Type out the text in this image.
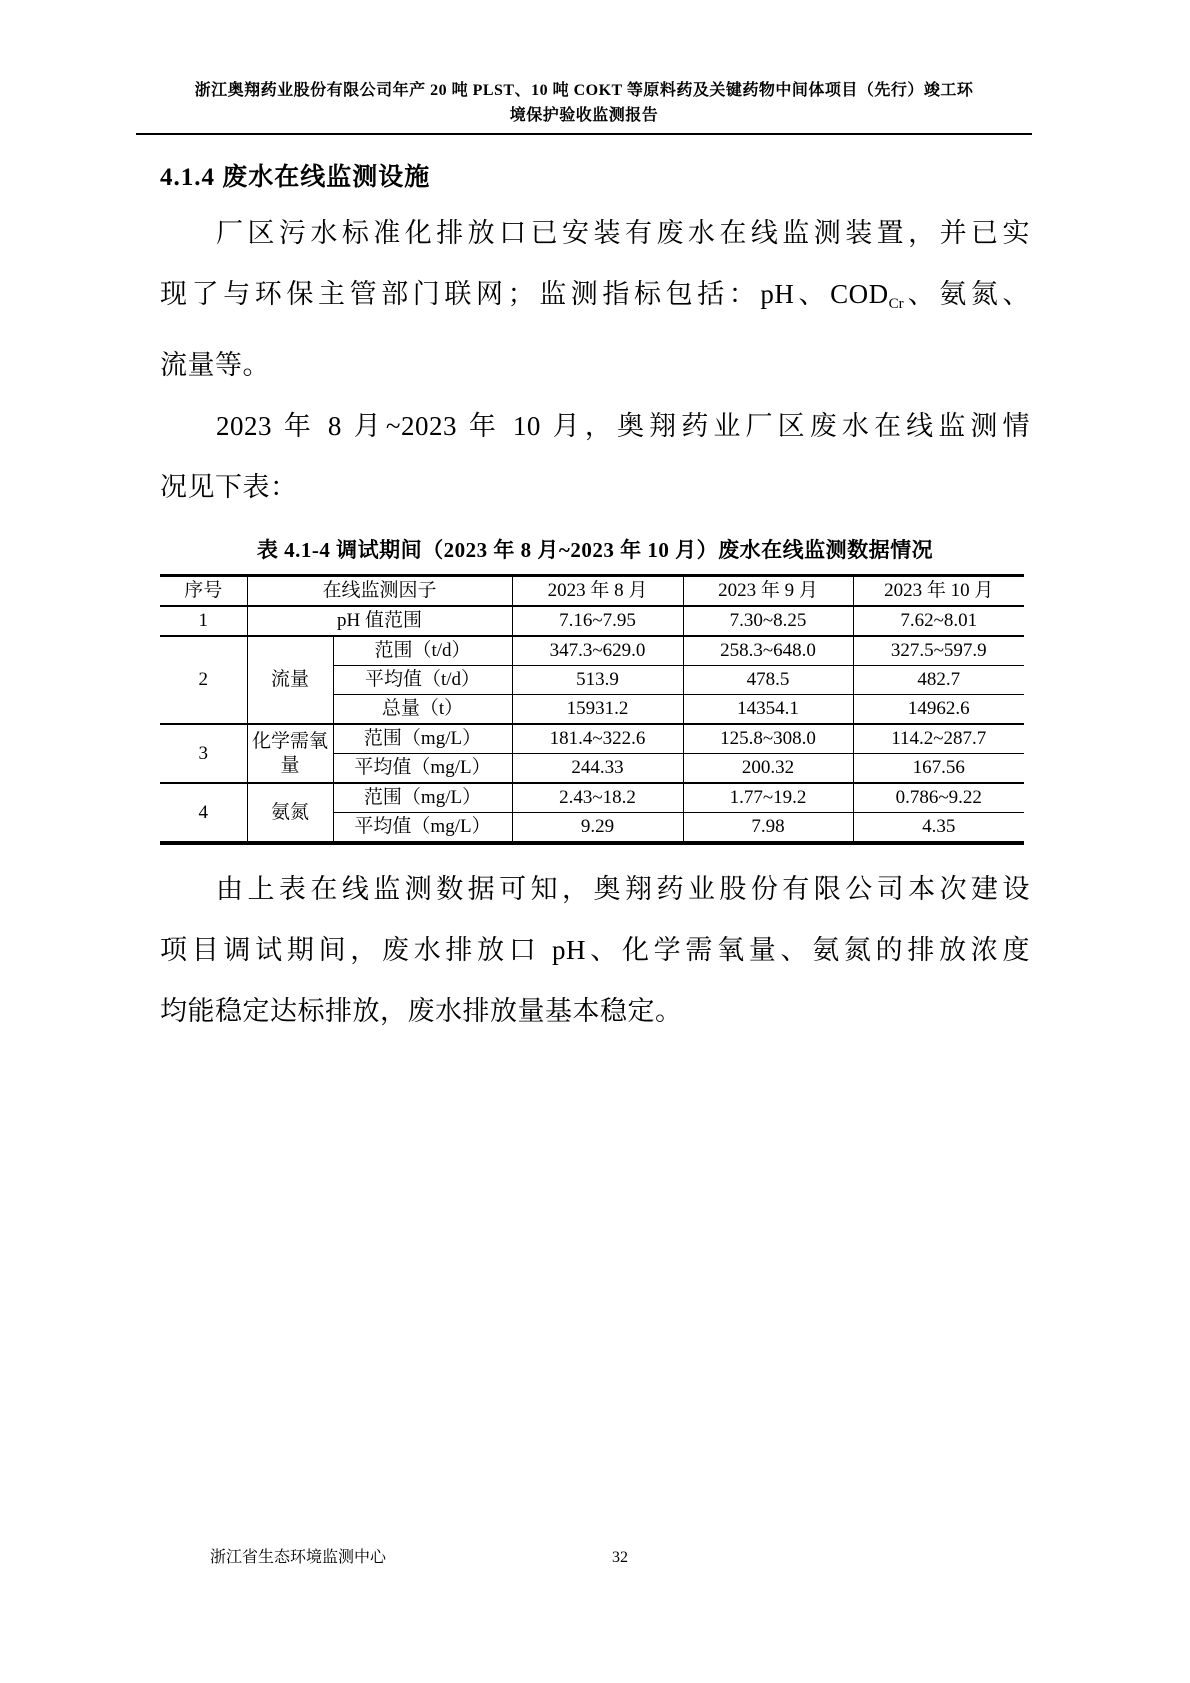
浙江奥翔药业股份有限公司年产 20 吨 PLST、10 吨 COKT 等原料药及关键药物中间体项目（先行）竣工环
境保护验收监测报告
4.1.4 废水在线监测设施
厂区污水标准化排放口已安装有废水在线监测装置，并已实
现了与环保主管部门联网；监测指标包括：pH、$COD_{Cr}$、氨氮、
流量等。
2023 年 8 月~2023 年 10 月，奥翔药业厂区废水在线监测情
况见下表：
表 4.1-4 调试期间（2023 年 8 月~2023 年 10 月）废水在线监测数据情况
序号	在线监测因子		2023 年 8 月	2023 年 9 月	2023 年 10 月
1	pH 值范围		7.16~7.95	7.30~8.25	7.62~8.01
2	流量	范围（t/d）	347.3~629.0	258.3~648.0	327.5~597.9
		平均值（t/d）	513.9	478.5	482.7
		总量（t）	15931.2	14354.1	14962.6
3	化学需氧量	范围（mg/L）	181.4~322.6	125.8~308.0	114.2~287.7
		平均值（mg/L）	244.33	200.32	167.56
4	氨氮	范围（mg/L）	2.43~18.2	1.77~19.2	0.786~9.22
		平均值（mg/L）	9.29	7.98	4.35
由上表在线监测数据可知，奥翔药业股份有限公司本次建设
项目调试期间，废水排放口 pH、化学需氧量、氨氮的排放浓度
均能稳定达标排放，废水排放量基本稳定。
浙江省生态环境监测中心	32
